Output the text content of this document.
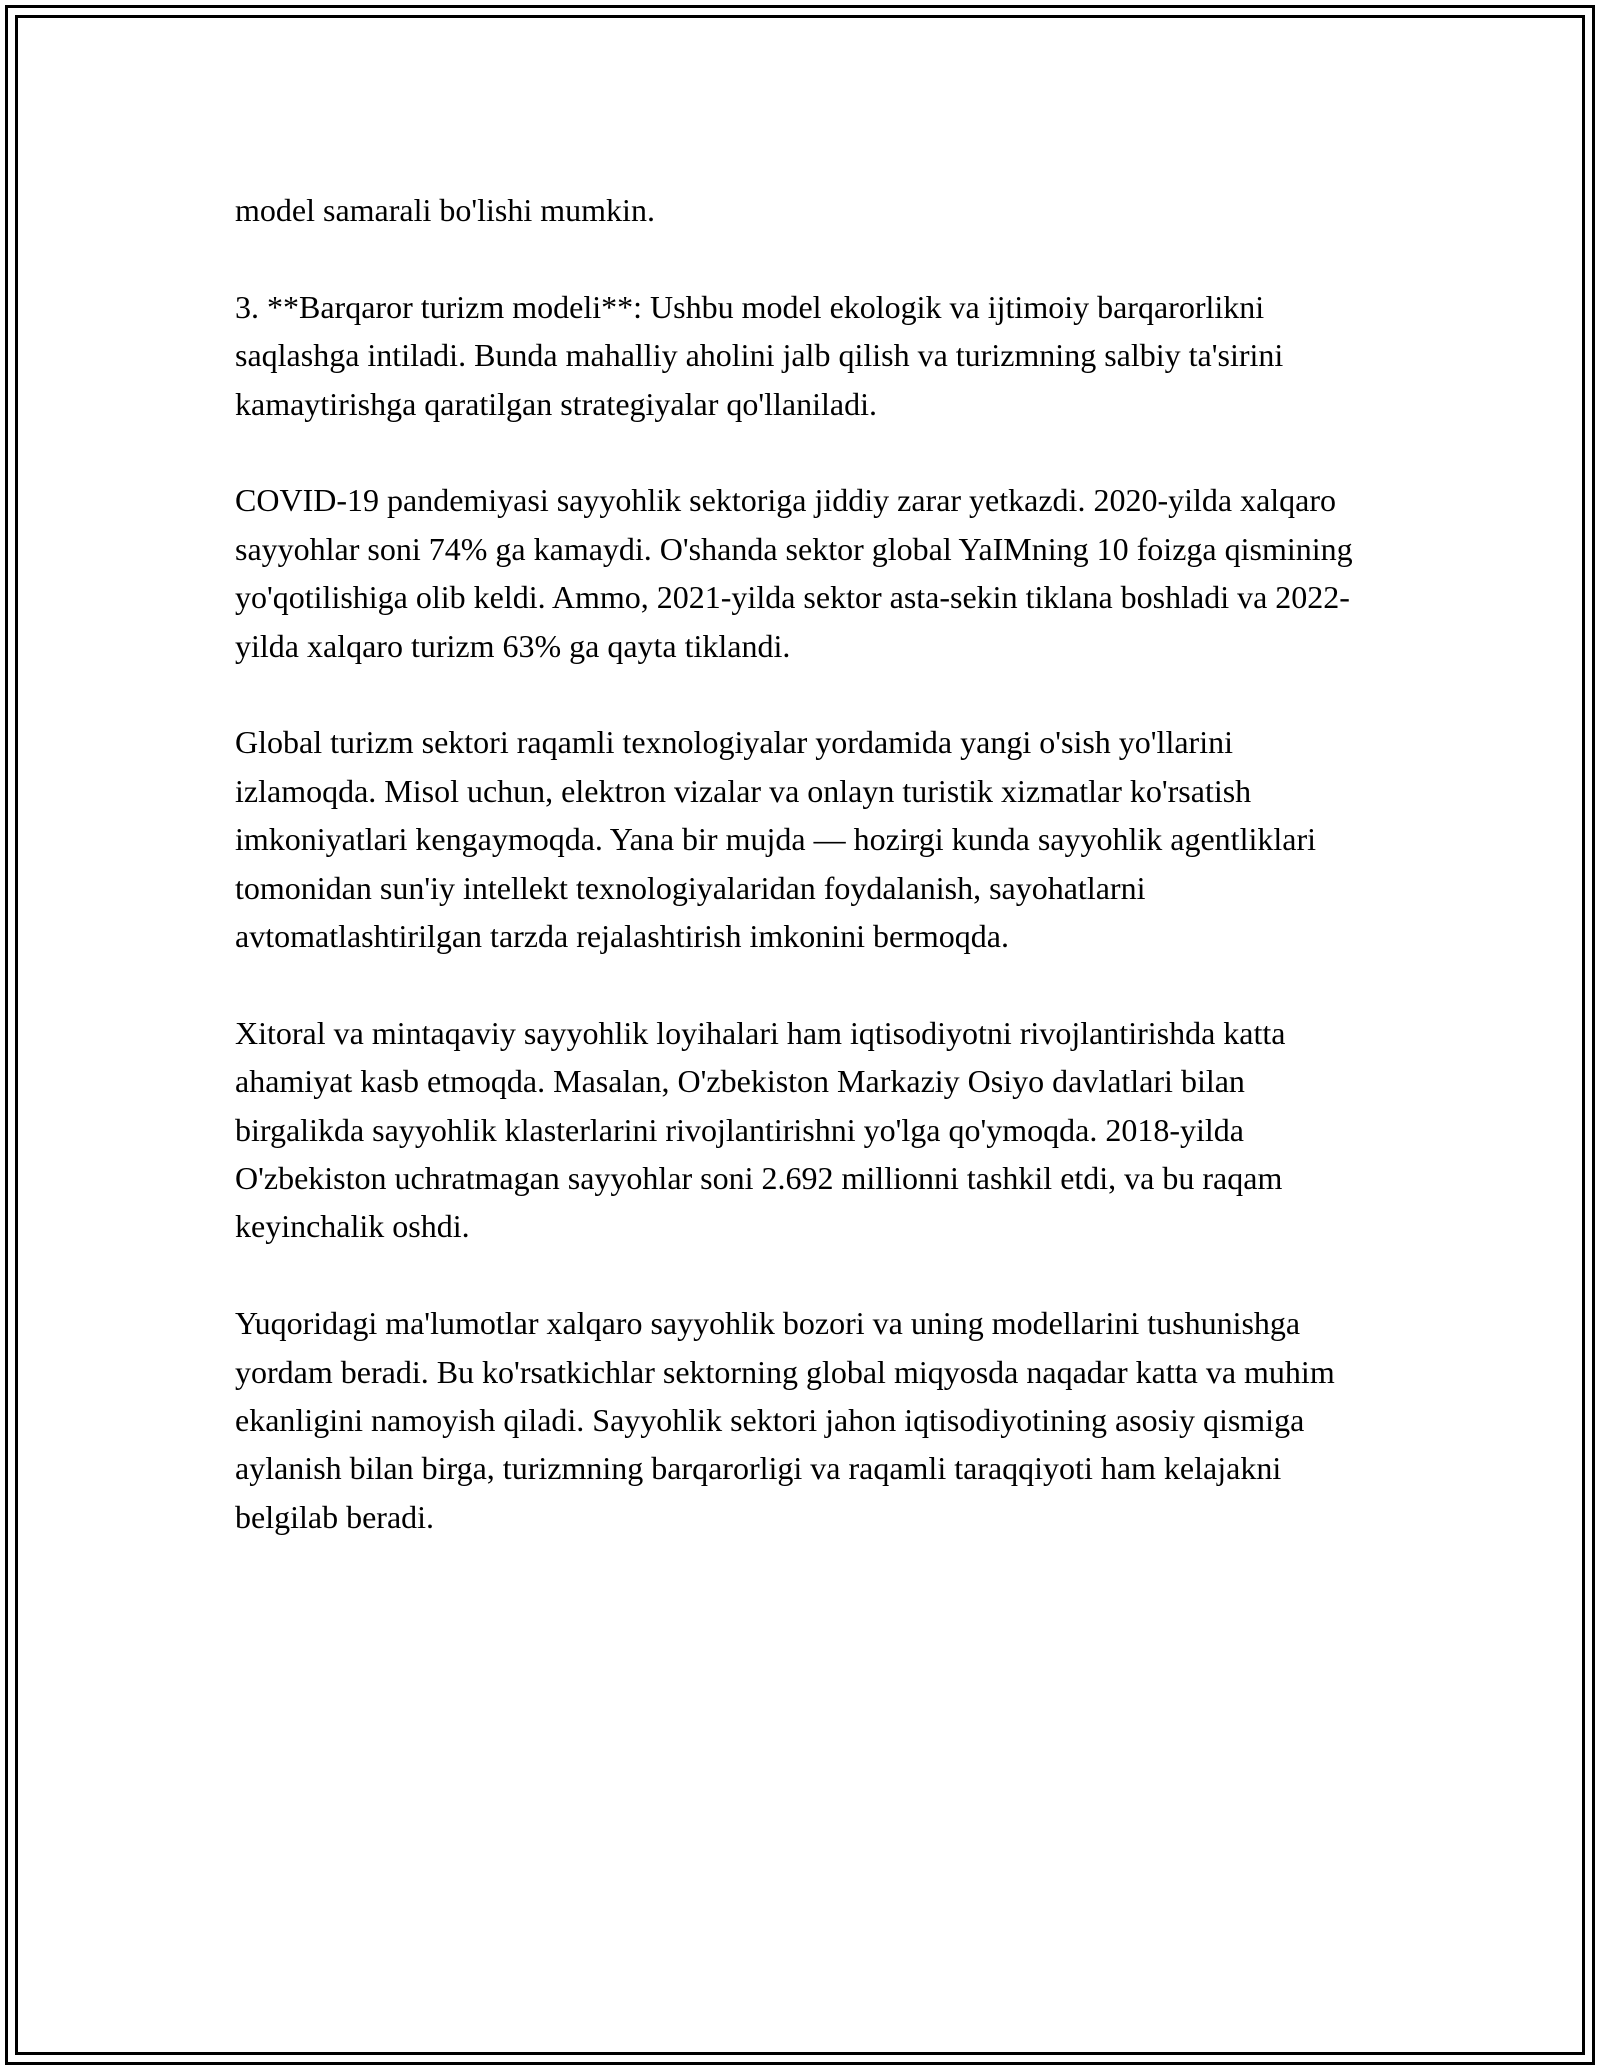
model samarali bo'lishi mumkin.

3. **Barqaror turizm modeli**: Ushbu model ekologik va ijtimoiy barqarorlikni saqlashga intiladi. Bunda mahalliy aholini jalb qilish va turizmning salbiy ta'sirini kamaytirishga qaratilgan strategiyalar qo'llaniladi.

COVID-19 pandemiyasi sayyohlik sektoriga jiddiy zarar yetkazdi. 2020-yilda xalqaro sayyohlar soni 74% ga kamaydi. O'shanda sektor global YaIMning 10 foizga qismining yo'qotilishiga olib keldi. Ammo, 2021-yilda sektor asta-sekin tiklana boshladi va 2022-yilda xalqaro turizm 63% ga qayta tiklandi.

Global turizm sektori raqamli texnologiyalar yordamida yangi o'sish yo'llarini izlamoqda. Misol uchun, elektron vizalar va onlayn turistik xizmatlar ko'rsatish imkoniyatlari kengaymoqda. Yana bir mujda — hozirgi kunda sayyohlik agentliklari tomonidan sun'iy intellekt texnologiyalaridan foydalanish, sayohatlarni avtomatlashtirilgan tarzda rejalashtirish imkonini bermoqda.

Xitoral va mintaqaviy sayyohlik loyihalari ham iqtisodiyotni rivojlantirishda katta ahamiyat kasb etmoqda. Masalan, O'zbekiston Markaziy Osiyo davlatlari bilan birgalikda sayyohlik klasterlarini rivojlantirishni yo'lga qo'ymoqda. 2018-yilda O'zbekiston uchratmagan sayyohlar soni 2.692 millionni tashkil etdi, va bu raqam keyinchalik oshdi.

Yuqoridagi ma'lumotlar xalqaro sayyohlik bozori va uning modellarini tushunishga yordam beradi. Bu ko'rsatkichlar sektorning global miqyosda naqadar katta va muhim ekanligini namoyish qiladi. Sayyohlik sektori jahon iqtisodiyotining asosiy qismiga aylanish bilan birga, turizmning barqarorligi va raqamli taraqqiyoti ham kelajakni belgilab beradi.
